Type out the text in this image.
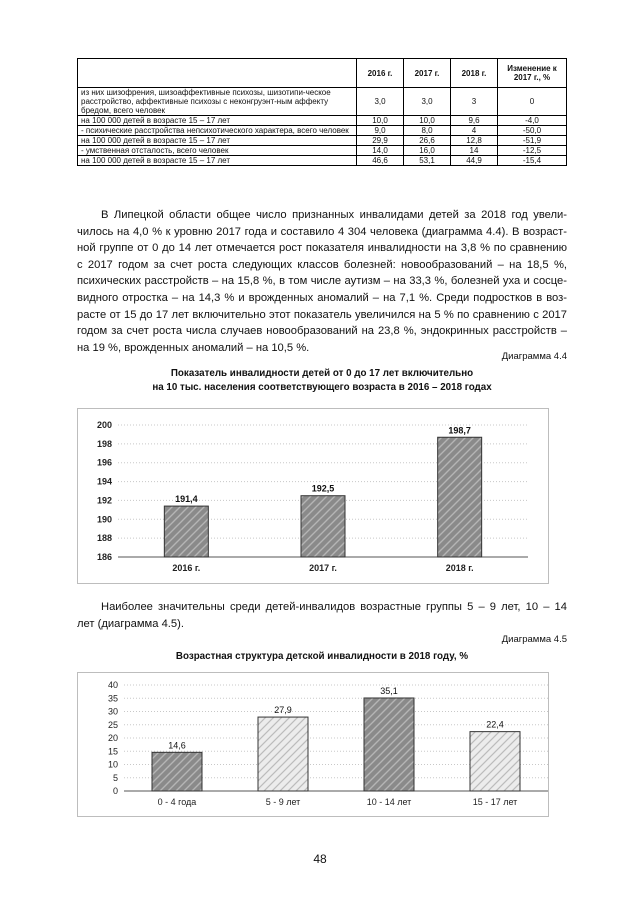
	2016 г.	2017 г.	2018 г.	Изменение к 2017 г., %
из них шизофрения, шизоаффективные психозы, шизотипи-ческое расстройство, аффективные психозы с неконгруэнт-ным аффекту бредом, всего человек	3,0	3,0	3	0
на 100 000 детей в возрасте 15 – 17 лет	10,0	10,0	9,6	-4,0
- психические расстройства непсихотического характера, всего человек	9,0	8,0	4	-50,0
на 100 000 детей в возрасте 15 – 17 лет	29,9	26,6	12,8	-51,9
- умственная отсталость, всего человек	14,0	16,0	14	-12,5
на 100 000 детей в возрасте 15 – 17 лет	46,6	53,1	44,9	-15,4
В Липецкой области общее число признанных инвалидами детей за 2018 год увели-
чилось на 4,0 % к уровню 2017 года и составило 4 304 человека (диаграмма 4.4). В возраст-
ной группе от 0 до 14 лет отмечается рост показателя инвалидности на 3,8 % по сравнению
с 2017 годом за счет роста следующих классов болезней: новообразований – на 18,5 %,
психических расстройств – на 15,8 %, в том числе аутизм – на 33,3 %, болезней уха и сосце-
видного отростка – на 14,3 % и врожденных аномалий – на 7,1 %. Среди подростков в воз-
расте от 15 до 17 лет включительно этот показатель увеличился на 5 % по сравнению с 2017
годом за счет роста числа случаев новообразований на 23,8 %, эндокринных расстройств –
на 19 %, врожденных аномалий – на 10,5 %.
Диаграмма 4.4
Показатель инвалидности детей от 0 до 17 лет включительно
на 10 тыс. населения соответствующего возраста в 2016 – 2018 годах
186
188
190
192
194
196
198
200
191,4
2016 г.
192,5
2017 г.
198,7
2018 г.
Наиболее значительны среди детей-инвалидов возрастные группы 5 – 9 лет, 10 – 14
лет (диаграмма 4.5).
Диаграмма 4.5
Возрастная структура детской инвалидности в 2018 году, %
0
5
10
15
20
25
30
35
40
14,6
0 - 4 года
27,9
5 - 9 лет
35,1
10 - 14 лет
22,4
15 - 17 лет
48
